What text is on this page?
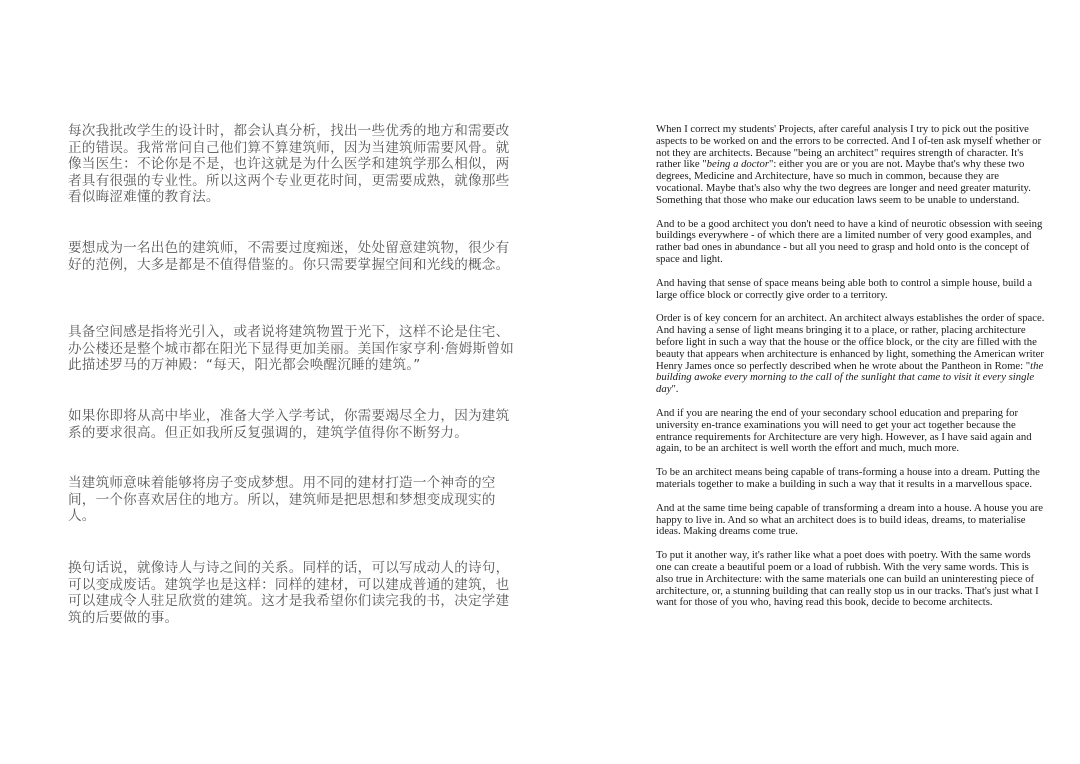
每次我批改学生的设计时，都会认真分析，找出一些优秀的地方和需要改正的错误。我常常问自己他们算不算建筑师，因为当建筑师需要风骨。就像当医生：不论你是不是，也许这就是为什么医学和建筑学那么相似，两者具有很强的专业性。所以这两个专业更花时间，更需要成熟，就像那些看似晦涩难懂的教育法。

要想成为一名出色的建筑师，不需要过度痴迷，处处留意建筑物，很少有好的范例，大多是都是不值得借鉴的。你只需要掌握空间和光线的概念。

具备空间感是指将光引入，或者说将建筑物置于光下，这样不论是住宅、办公楼还是整个城市都在阳光下显得更加美丽。美国作家亨利·詹姆斯曾如此描述罗马的万神殿：“每天，阳光都会唤醒沉睡的建筑。”

如果你即将从高中毕业，准备大学入学考试，你需要竭尽全力，因为建筑系的要求很高。但正如我所反复强调的，建筑学值得你不断努力。

当建筑师意味着能够将房子变成梦想。用不同的建材打造一个神奇的空间，一个你喜欢居住的地方。所以，建筑师是把思想和梦想变成现实的人。

换句话说，就像诗人与诗之间的关系。同样的话，可以写成动人的诗句，可以变成废话。建筑学也是这样：同样的建材，可以建成普通的建筑，也可以建成令人驻足欣赏的建筑。这才是我希望你们读完我的书，决定学建筑的后要做的事。

When I correct my students' Projects, after careful analysis I try to pick out the positive aspects to be worked on and the errors to be corrected. And I of-ten ask myself whether or not they are architects. Because "being an architect" requires strength of character. It's rather like "being a doctor": either you are or you are not. Maybe that's why these two degrees, Medicine and Architecture, have so much in common, because they are vocational. Maybe that's also why the two degrees are longer and need greater maturity. Something that those who make our education laws seem to be unable to understand.

And to be a good architect you don't need to have a kind of neurotic obsession with seeing buildings everywhere - of which there are a limited number of very good examples, and rather bad ones in abundance - but all you need to grasp and hold onto is the concept of space and light.

And having that sense of space means being able both to control a simple house, build a large office block or correctly give order to a territory.

Order is of key concern for an architect. An architect always establishes the order of space.

And having a sense of light means bringing it to a place, or rather, placing architecture before light in such a way that the house or the office block, or the city are filled with the beauty that appears when architecture is enhanced by light, something the American writer Henry James once so perfectly described when he wrote about the Pantheon in Rome: "the building awoke every morning to the call of the sunlight that came to visit it every single day".

And if you are nearing the end of your secondary school education and preparing for university en-trance examinations you will need to get your act together because the entrance requirements for Architecture are very high. However, as I have said again and again, to be an architect is well worth the effort and much, much more.

To be an architect means being capable of trans-forming a house into a dream. Putting the materials together to make a building in such a way that it results in a marvellous space.

And at the same time being capable of transforming a dream into a house. A house you are happy to live in. And so what an architect does is to build ideas, dreams, to materialise ideas. Making dreams come true.

To put it another way, it's rather like what a poet does with poetry. With the same words one can create a beautiful poem or a load of rubbish. With the very same words. This is also true in Architecture: with the same materials one can build an uninteresting piece of architecture, or, a stunning building that can really stop us in our tracks. That's just what I want for those of you who, having read this book, decide to become architects.
